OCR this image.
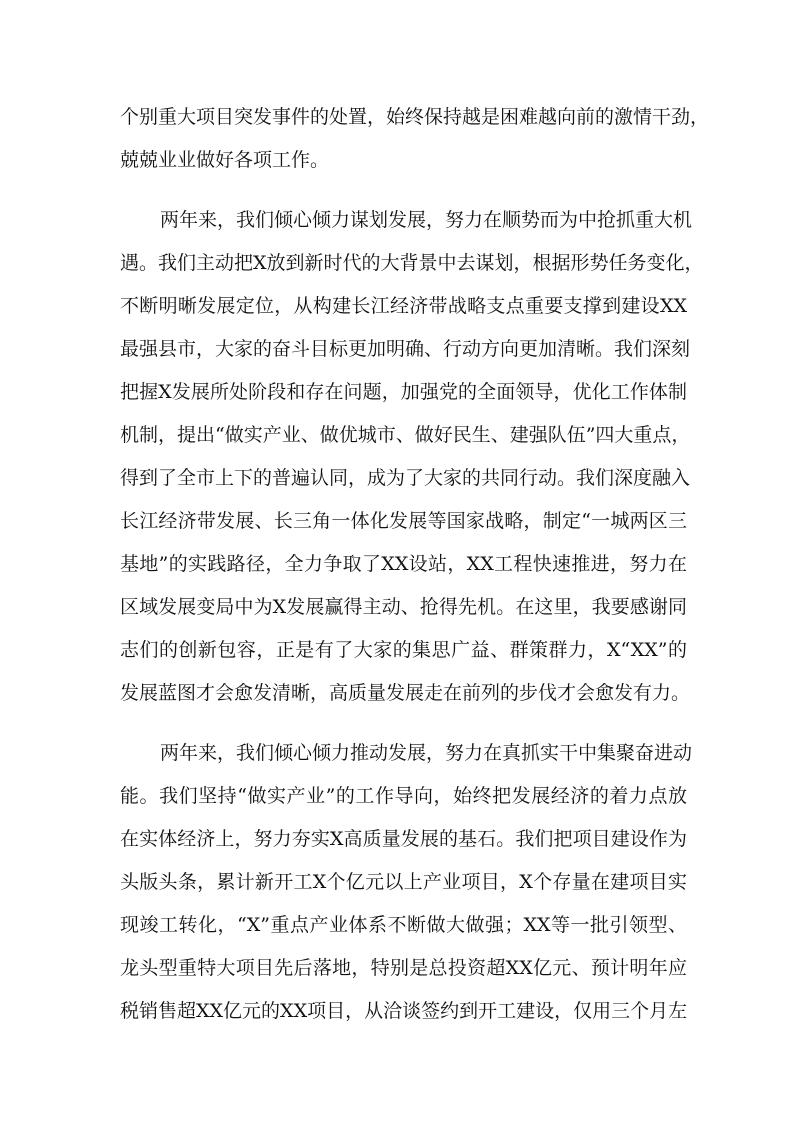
个别重大项目突发事件的处置，始终保持越是困难越向前的激情干劲，
兢兢业业做好各项工作。
两年来，我们倾心倾力谋划发展，努力在顺势而为中抢抓重大机
遇。我们主动把X放到新时代的大背景中去谋划，根据形势任务变化，
不断明晰发展定位，从构建长江经济带战略支点重要支撑到建设XX
最强县市，大家的奋斗目标更加明确、行动方向更加清晰。我们深刻
把握X发展所处阶段和存在问题，加强党的全面领导，优化工作体制
机制，提出“做实产业、做优城市、做好民生、建强队伍”四大重点，
得到了全市上下的普遍认同，成为了大家的共同行动。我们深度融入
长江经济带发展、长三角一体化发展等国家战略，制定“一城两区三
基地”的实践路径，全力争取了XX设站，XX工程快速推进，努力在
区域发展变局中为X发展赢得主动、抢得先机。在这里，我要感谢同
志们的创新包容，正是有了大家的集思广益、群策群力，X“XX”的
发展蓝图才会愈发清晰，高质量发展走在前列的步伐才会愈发有力。
两年来，我们倾心倾力推动发展，努力在真抓实干中集聚奋进动
能。我们坚持“做实产业”的工作导向，始终把发展经济的着力点放
在实体经济上，努力夯实X高质量发展的基石。我们把项目建设作为
头版头条，累计新开工X个亿元以上产业项目，X个存量在建项目实
现竣工转化，“X”重点产业体系不断做大做强；XX等一批引领型、
龙头型重特大项目先后落地，特别是总投资超XX亿元、预计明年应
税销售超XX亿元的XX项目，从洽谈签约到开工建设，仅用三个月左
